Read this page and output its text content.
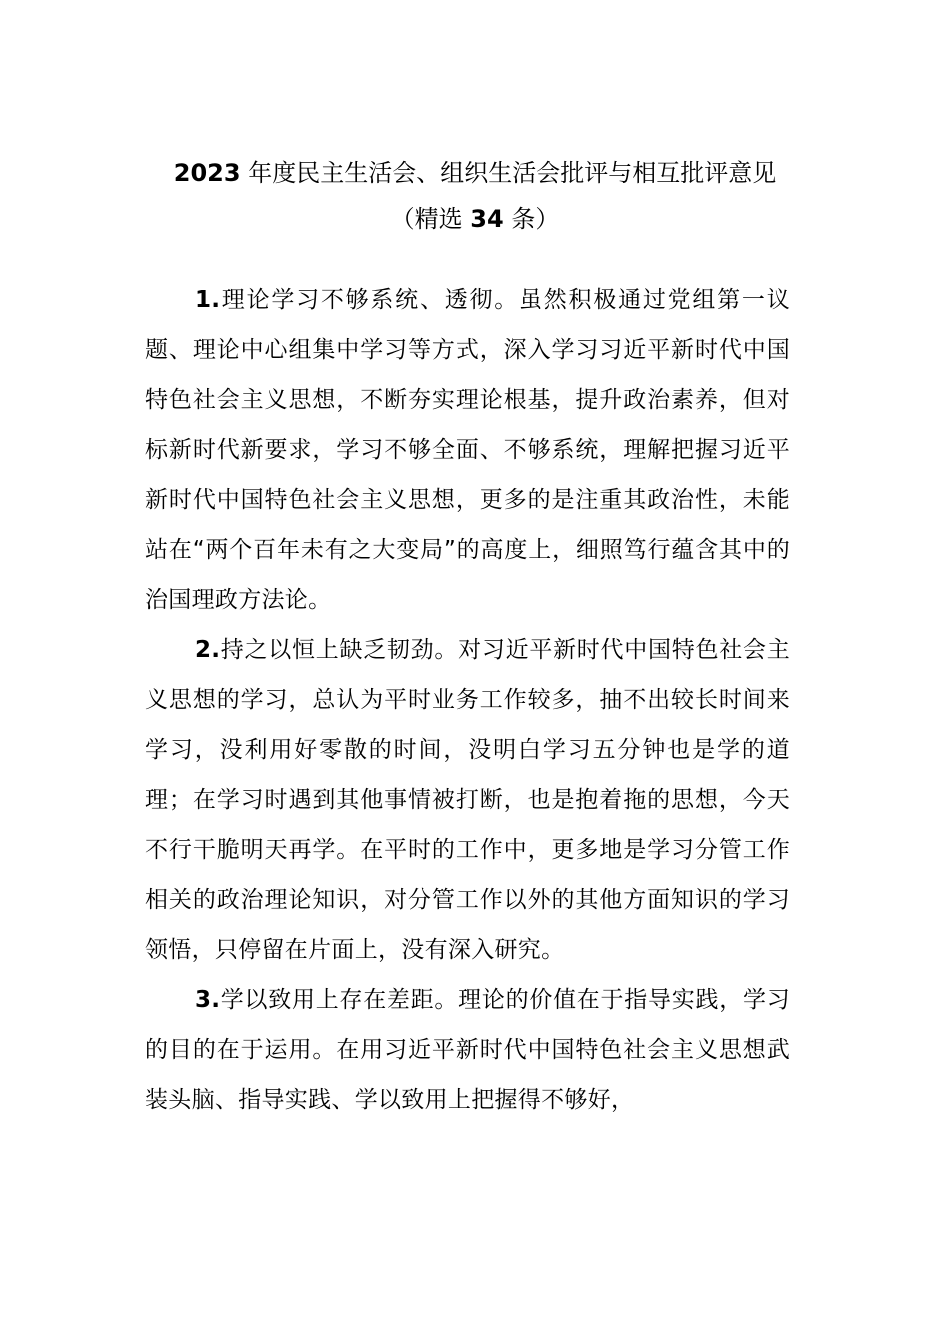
2023 年度民主生活会、组织生活会批评与相互批评意见
（精选 34 条）

1.理论学习不够系统、透彻。虽然积极通过党组第一议题、理论中心组集中学习等方式，深入学习习近平新时代中国特色社会主义思想，不断夯实理论根基，提升政治素养，但对标新时代新要求，学习不够全面、不够系统，理解把握习近平新时代中国特色社会主义思想，更多的是注重其政治性，未能站在“两个百年未有之大变局”的高度上，细照笃行蕴含其中的治国理政方法论。

2.持之以恒上缺乏韧劲。对习近平新时代中国特色社会主义思想的学习，总认为平时业务工作较多，抽不出较长时间来学习，没利用好零散的时间，没明白学习五分钟也是学的道理；在学习时遇到其他事情被打断，也是抱着拖的思想，今天不行干脆明天再学。在平时的工作中，更多地是学习分管工作相关的政治理论知识，对分管工作以外的其他方面知识的学习领悟，只停留在片面上，没有深入研究。

3.学以致用上存在差距。理论的价值在于指导实践，学习的目的在于运用。在用习近平新时代中国特色社会主义思想武装头脑、指导实践、学以致用上把握得不够好，
